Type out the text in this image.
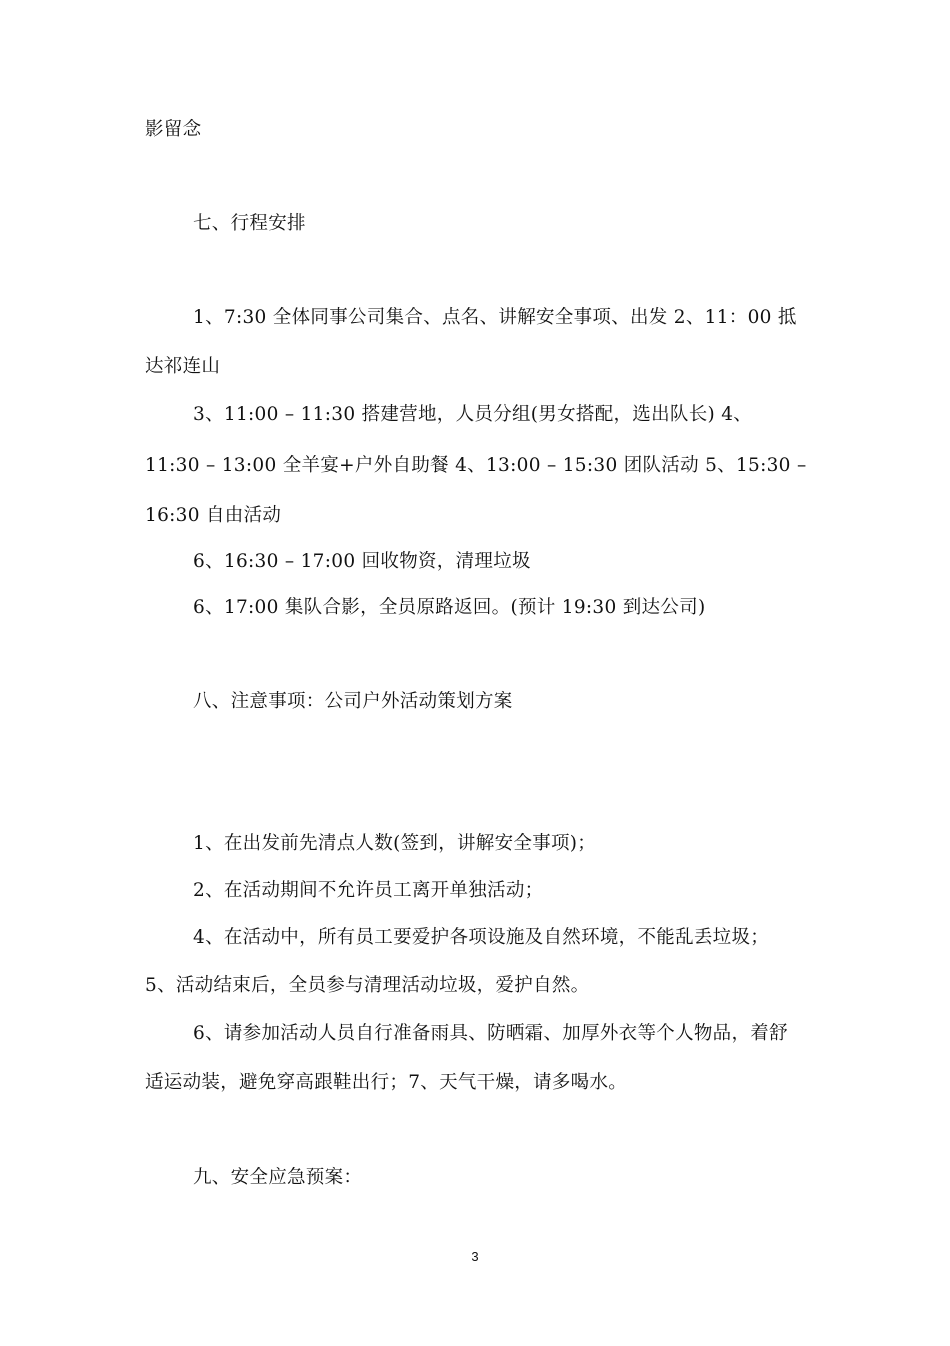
影留念
七、行程安排
1、7:30 全体同事公司集合、点名、讲解安全事项、出发 2、11：00 抵
达祁连山
3、11:00 – 11:30 搭建营地，人员分组(男女搭配，选出队长) 4、
11:30 – 13:00 全羊宴+户外自助餐 4、13:00 – 15:30 团队活动 5、15:30 –
16:30 自由活动
6、16:30 – 17:00 回收物资，清理垃圾
6、17:00 集队合影，全员原路返回。(预计 19:30 到达公司)
八、注意事项：公司户外活动策划方案
1、在出发前先清点人数(签到，讲解安全事项)；
2、在活动期间不允许员工离开单独活动；
4、在活动中，所有员工要爱护各项设施及自然环境，不能乱丢垃圾；
5、活动结束后，全员参与清理活动垃圾，爱护自然。
6、请参加活动人员自行准备雨具、防晒霜、加厚外衣等个人物品，着舒
适运动装，避免穿高跟鞋出行；7、天气干燥，请多喝水。
九、安全应急预案：
3
